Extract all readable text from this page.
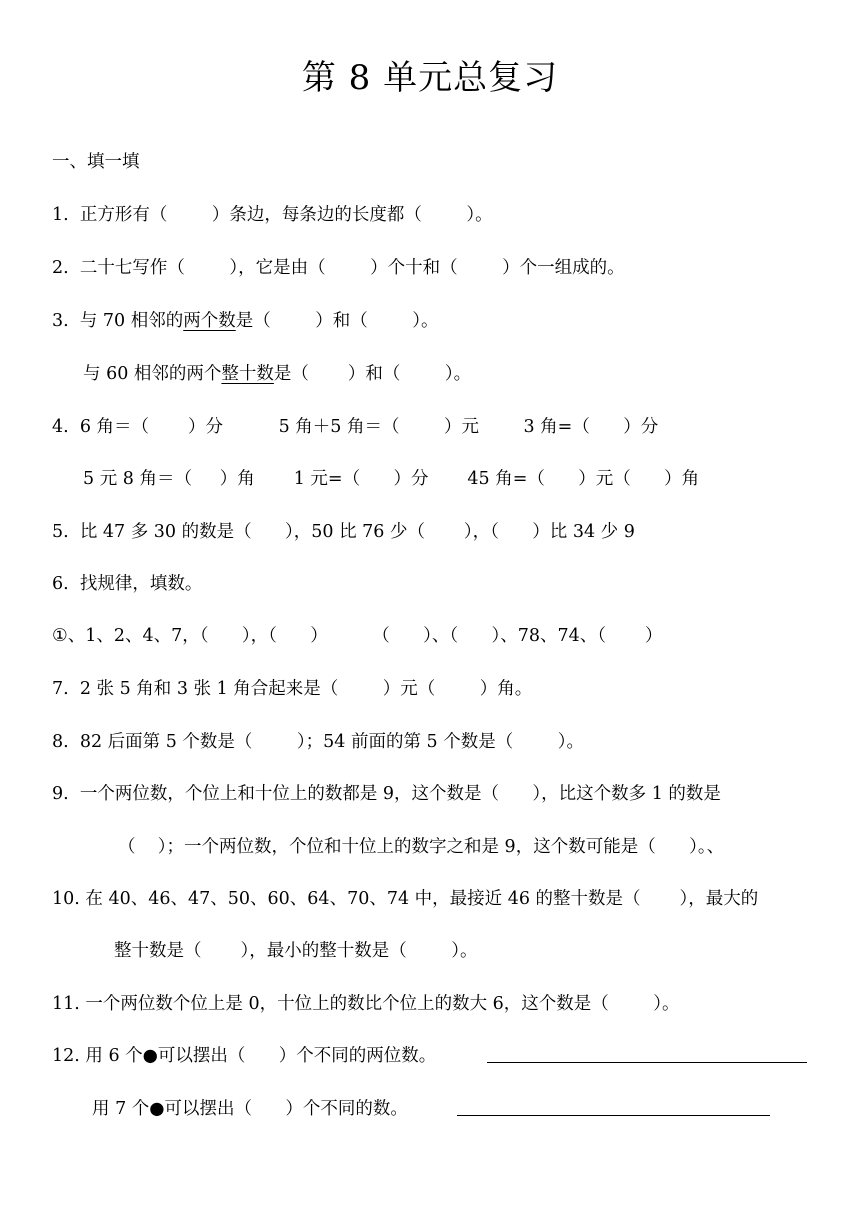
第 8 单元总复习
一、填一填
1.  正方形有（        ）条边，每条边的长度都（        ）。
2.  二十七写作（        ），它是由（        ）个十和（        ）个一组成的。
3.  与 70 相邻的两个数是（        ）和（        ）。
与 60 相邻的两个整十数是（       ）和（        ）。
4.  6 角＝（       ）分          5 角＋5 角＝（        ）元        3 角=（      ）分
5 元 8 角＝（     ）角       1 元=（      ）分       45 角=（      ）元（      ）角
5.  比 47 多 30 的数是（      ），50 比 76 少（       ），（      ）比 34 少 9
6.  找规律，填数。
①、1、2、4、7，（      ），（      ）        （      ）、（      ）、78、74、（       ）
7.  2 张 5 角和 3 张 1 角合起来是（        ）元（        ）角。
8.  82 后面第 5 个数是（        ）；54 前面的第 5 个数是（        ）。
9.  一个两位数，个位上和十位上的数都是 9，这个数是（      ），比这个数多 1 的数是
（    ）；一个两位数，个位和十位上的数字之和是 9，这个数可能是（      ）。、
10. 在 40、46、47、50、60、64、70、74 中，最接近 46 的整十数是（       ），最大的
整十数是（       ），最小的整十数是（        ）。
11. 一个两位数个位上是 0，十位上的数比个位上的数大 6，这个数是（        ）。
12. 用 6 个●可以摆出（      ）个不同的两位数。
用 7 个●可以摆出（      ）个不同的数。
